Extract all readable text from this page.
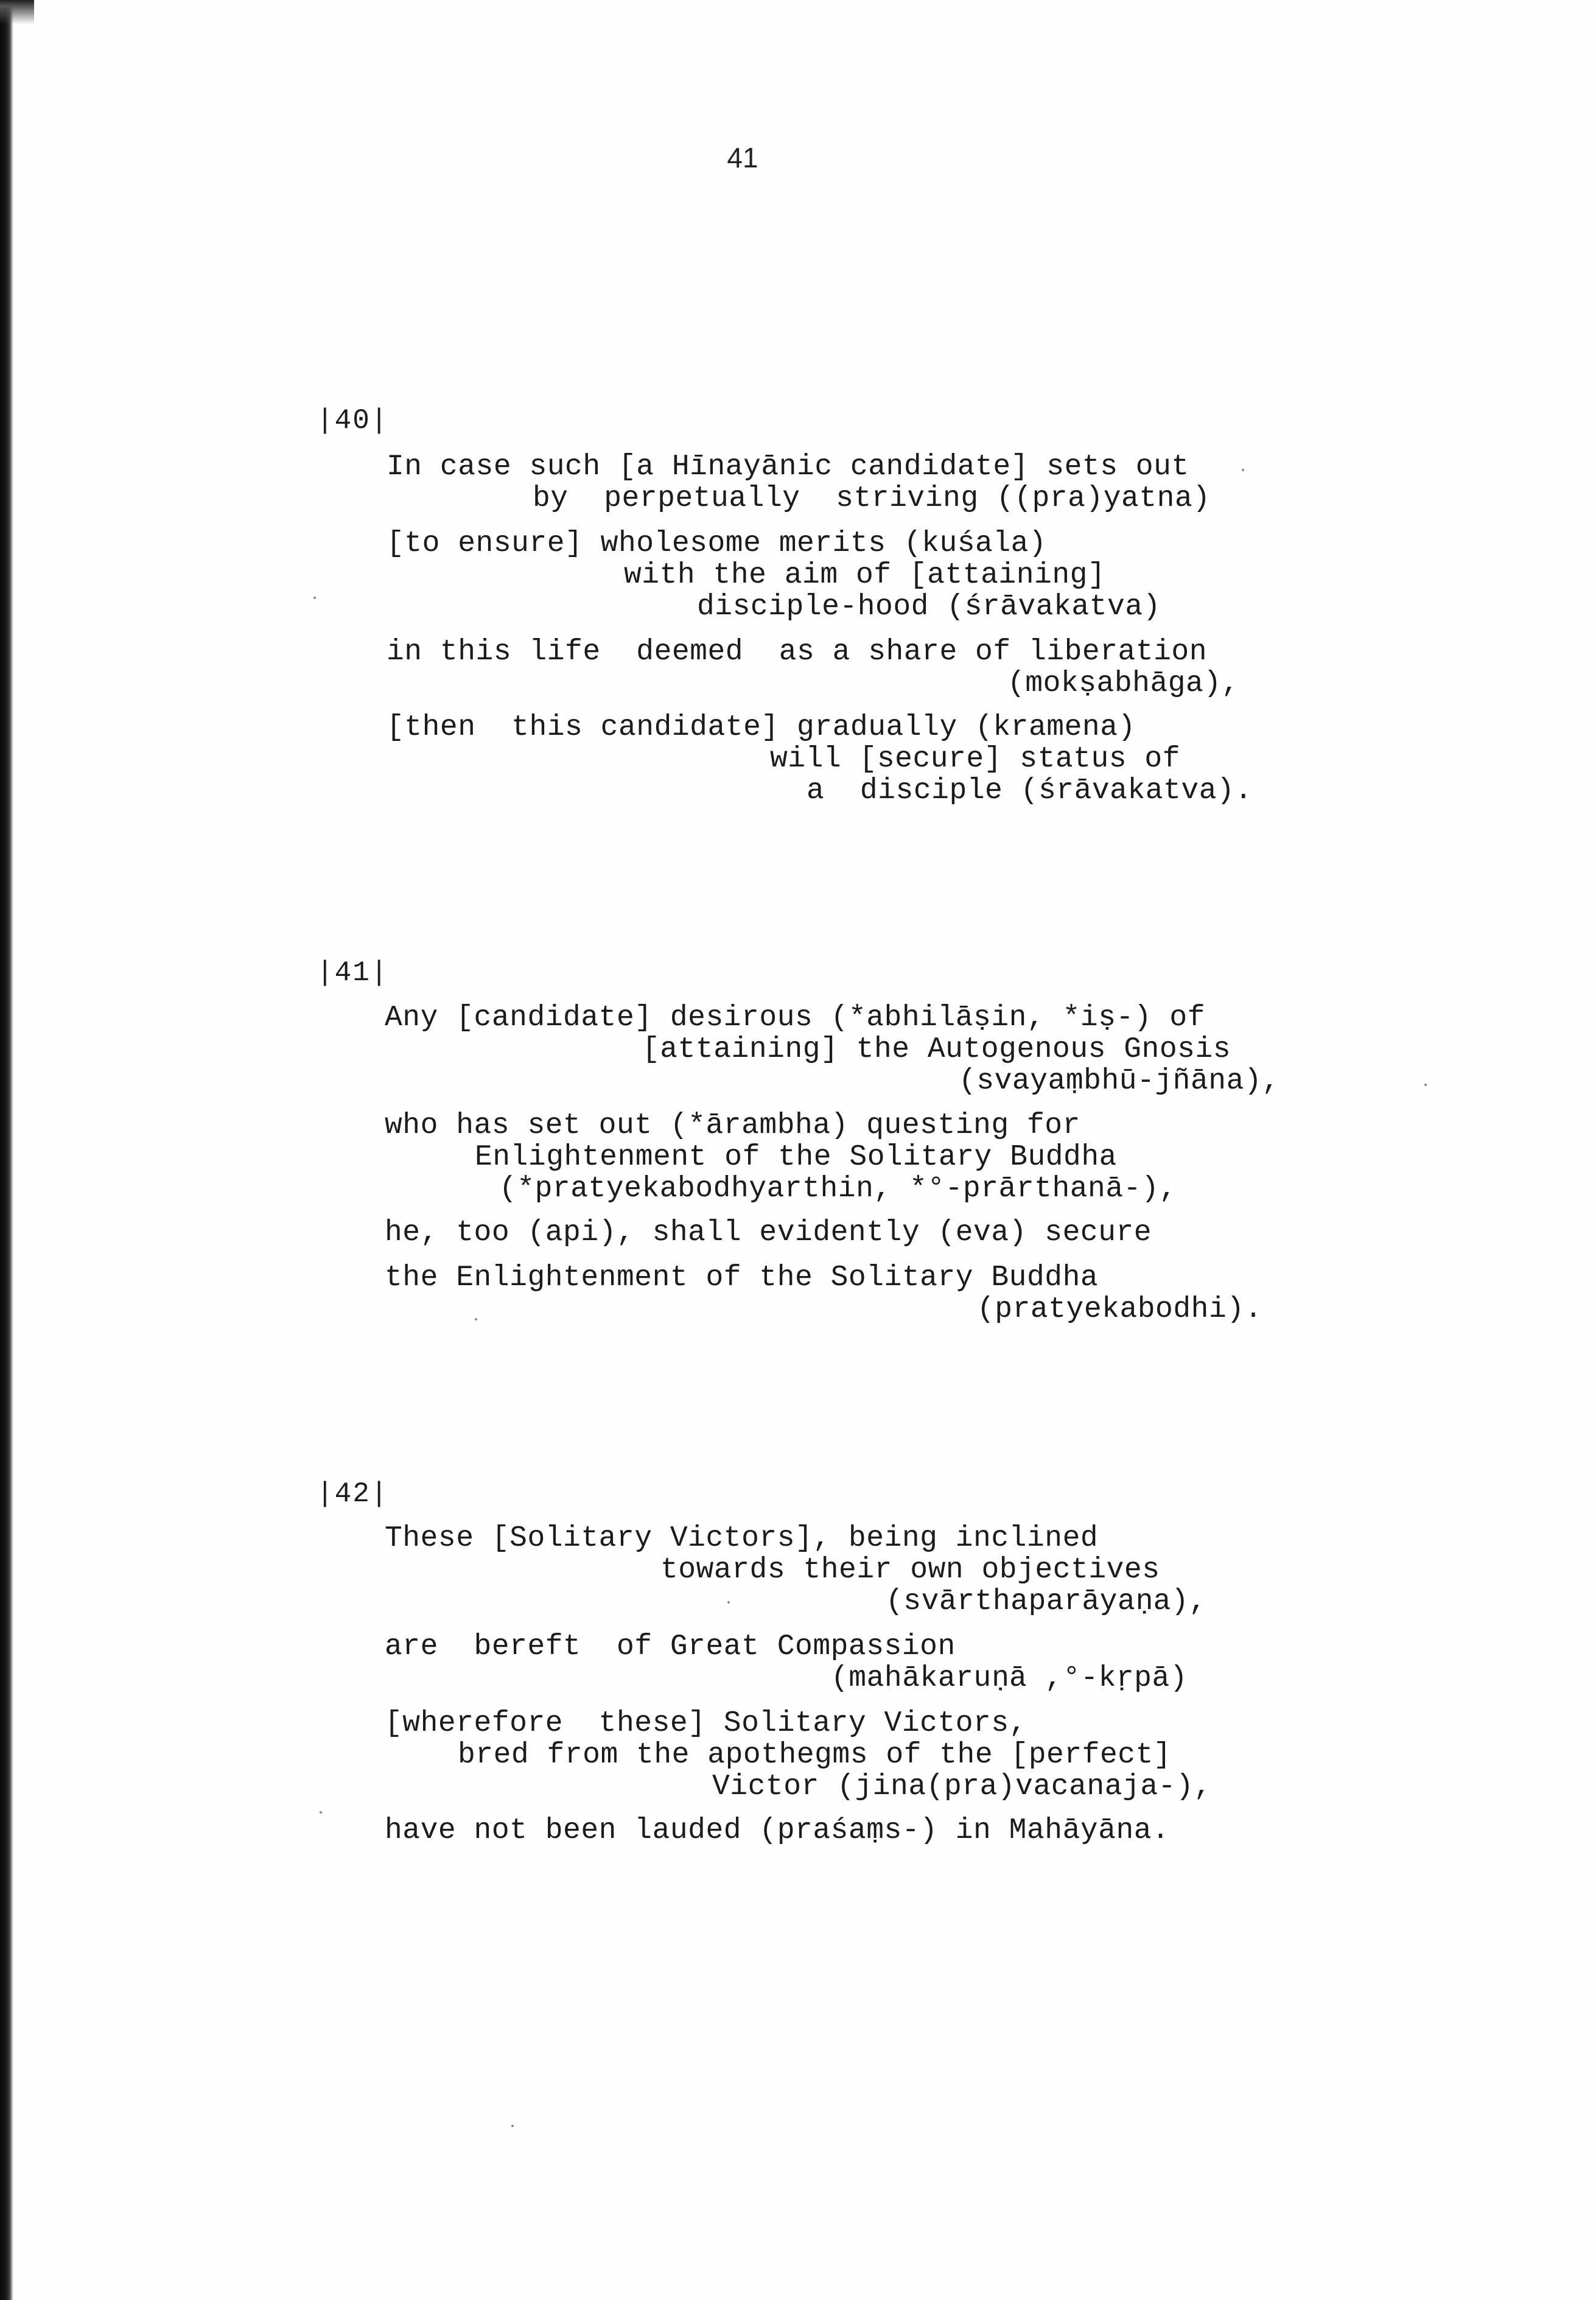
41
|40|
In case such [a Hīnayānic candidate] sets out
by  perpetually  striving ((pra)yatna)
[to ensure] wholesome merits (kuśala)
with the aim of [attaining]
disciple-hood (śrāvakatva)
in this life  deemed  as a share of liberation
(mokṣabhāga),
[then  this candidate] gradually (kramena)
will [secure] status of
a  disciple (śrāvakatva).
|41|
Any [candidate] desirous (*abhilāṣin, *iṣ-) of
[attaining] the Autogenous Gnosis
(svayaṃbhū-jñāna),
who has set out (*ārambha) questing for
Enlightenment of the Solitary Buddha
(*pratyekabodhyarthin, *°-prārthanā-),
he, too (api), shall evidently (eva) secure
the Enlightenment of the Solitary Buddha
(pratyekabodhi).
|42|
These [Solitary Victors], being inclined
towards their own objectives
(svārthaparāyaṇa),
are  bereft  of Great Compassion
(mahākaruṇā ,°-kṛpā)
[wherefore  these] Solitary Victors,
bred from the apothegms of the [perfect]
Victor (jina(pra)vacanaja-),
have not been lauded (praśaṃs-) in Mahāyāna.
